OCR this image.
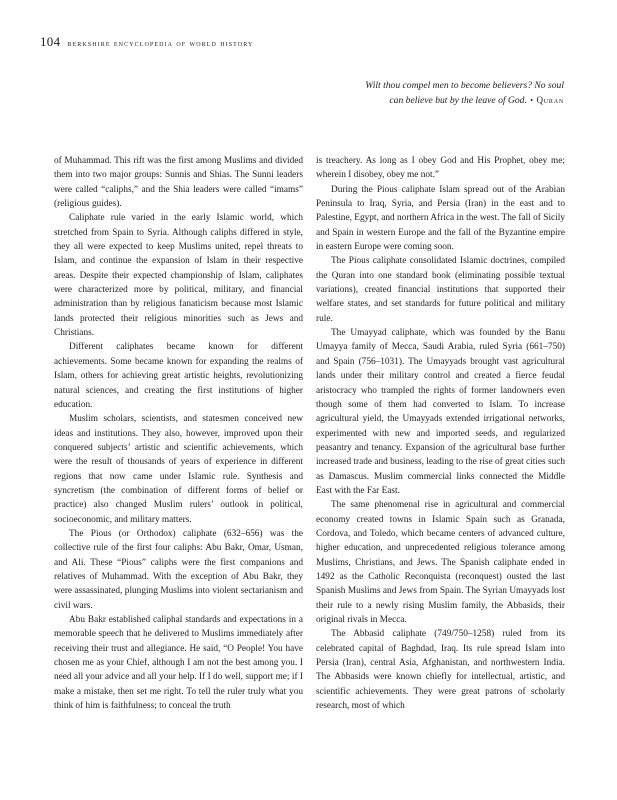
104 berkshire encyclopedia of world history
Wilt thou compel men to become believers? No soul
can believe but by the leave of God. • Quran

of Muhammad. This rift was the first among Muslims and divided them into two major groups: Sunnis and Shias. The Sunni leaders were called “caliphs,” and the Shia leaders were called “imams” (religious guides).

Caliphate rule varied in the early Islamic world, which stretched from Spain to Syria. Although caliphs differed in style, they all were expected to keep Muslims united, repel threats to Islam, and continue the expansion of Islam in their respective areas. Despite their expected championship of Islam, caliphates were characterized more by political, military, and financial administration than by religious fanaticism because most Islamic lands protected their religious minorities such as Jews and Christians.

Different caliphates became known for different achievements. Some became known for expanding the realms of Islam, others for achieving great artistic heights, revolutionizing natural sciences, and creating the first institutions of higher education.

Muslim scholars, scientists, and statesmen conceived new ideas and institutions. They also, however, improved upon their conquered subjects’ artistic and scientific achievements, which were the result of thousands of years of experience in different regions that now came under Islamic rule. Synthesis and syncretism (the combination of different forms of belief or practice) also changed Muslim rulers’ outlook in political, socioeconomic, and military matters.

The Pious (or Orthodox) caliphate (632–656) was the collective rule of the first four caliphs: Abu Bakr, Omar, Usman, and Ali. These “Pious” caliphs were the first companions and relatives of Muhammad. With the exception of Abu Bakr, they were assassinated, plunging Muslims into violent sectarianism and civil wars.

Abu Bakr established caliphal standards and expectations in a memorable speech that he delivered to Muslims immediately after receiving their trust and allegiance. He said, “O People! You have chosen me as your Chief, although I am not the best among you. I need all your advice and all your help. If I do well, support me; if I make a mistake, then set me right. To tell the ruler truly what you think of him is faithfulness; to conceal the truth

is treachery. As long as I obey God and His Prophet, obey me; wherein I disobey, obey me not.”

During the Pious caliphate Islam spread out of the Arabian Peninsula to Iraq, Syria, and Persia (Iran) in the east and to Palestine, Egypt, and northern Africa in the west. The fall of Sicily and Spain in western Europe and the fall of the Byzantine empire in eastern Europe were coming soon.

The Pious caliphate consolidated Islamic doctrines, compiled the Quran into one standard book (eliminating possible textual variations), created financial institutions that supported their welfare states, and set standards for future political and military rule.

The Umayyad caliphate, which was founded by the Banu Umayya family of Mecca, Saudi Arabia, ruled Syria (661–750) and Spain (756–1031). The Umayyads brought vast agricultural lands under their military control and created a fierce feudal aristocracy who trampled the rights of former landowners even though some of them had converted to Islam. To increase agricultural yield, the Umayyads extended irrigational networks, experimented with new and imported seeds, and regularized peasantry and tenancy. Expansion of the agricultural base further increased trade and business, leading to the rise of great cities such as Damascus. Muslim commercial links connected the Middle East with the Far East.

The same phenomenal rise in agricultural and commercial economy created towns in Islamic Spain such as Granada, Cordova, and Toledo, which became centers of advanced culture, higher education, and unprecedented religious tolerance among Muslims, Christians, and Jews. The Spanish caliphate ended in 1492 as the Catholic Reconquista (reconquest) ousted the last Spanish Muslims and Jews from Spain. The Syrian Umayyads lost their rule to a newly rising Muslim family, the Abbasids, their original rivals in Mecca.

The Abbasid caliphate (749/750–1258) ruled from its celebrated capital of Baghdad, Iraq. Its rule spread Islam into Persia (Iran), central Asia, Afghanistan, and northwestern India. The Abbasids were known chiefly for intellectual, artistic, and scientific achievements. They were great patrons of scholarly research, most of which
